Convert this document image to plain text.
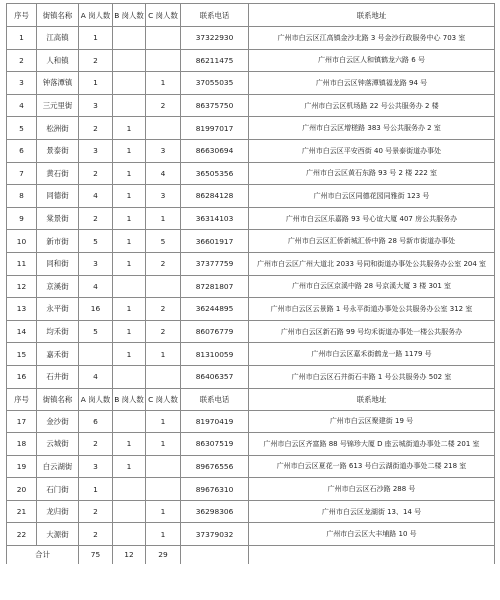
序号	街镇名称	A 岗人数	B 岗人数	C 岗人数	联系电话	联系地址
1	江高镇	1			37322930	广州市白云区江高镇金沙北路 3 号金沙行政服务中心 703 室
2	人和镇	2			86211475	广州市白云区人和镇鹤龙六路 6 号
3	钟落潭镇	1		1	37055035	广州市白云区钟落潭镇福龙路 94 号
4	三元里街	3		2	86375750	广州市白云区机场路 22 号公共服务办 2 楼
5	松洲街	2	1		81997017	广州市白云区增槎路 383 号公共服务办 2 室
6	景泰街	3	1	3	86630694	广州市白云区平安西街 40 号景泰街道办事处
7	黄石街	2	1	4	36505356	广州市白云区黄石东路 93 号 2 楼 222 室
8	同德街	4	1	3	86284128	广州市白云区同德花园同雅街 123 号
9	棠景街	2	1	1	36314103	广州市白云区乐嘉路 93 号心谊大厦 407 房公共服务办
10	新市街	5	1	5	36601917	广州市白云区汇侨新城汇侨中路 28 号新市街道办事处
11	同和街	3	1	2	37377759	广州市白云区广州大道北 2033 号同和街道办事处公共服务办公室 204 室
12	京溪街	4			87281807	广州市白云区京溪中路 28 号京溪大厦 3 楼 301 室
13	永平街	16	1	2	36244895	广州市白云区云景路 1 号永平街道办事处公共服务办公室 312 室
14	均禾街	5	1	2	86076779	广州市白云区新石路 99 号均禾街道办事处一楼公共服务办
15	嘉禾街		1	1	81310059	广州市白云区嘉禾街鹤龙一路 1179 号
16	石井街	4			86406357	广州市白云区石井街石丰路 1 号公共服务办 502 室
序号	街镇名称	A 岗人数	B 岗人数	C 岗人数	联系电话	联系地址
17	金沙街	6		1	81970419	广州市白云区聚建街 19 号
18	云城街	2	1	1	86307519	广州市白云区齐富路 88 号锦珍大厦 D 座云城街道办事处二楼 201 室
19	白云湖街	3	1		89676556	广州市白云区夏花一路 613 号白云湖街道办事处二楼 218 室
20	石门街	1			89676310	广州市白云区石沙路 288 号
21	龙归街	2		1	36298306	广州市白云区龙湖街 13、14 号
22	大源街	2		1	37379032	广州市白云区大丰埔路 10 号
合计		75	12	29		
